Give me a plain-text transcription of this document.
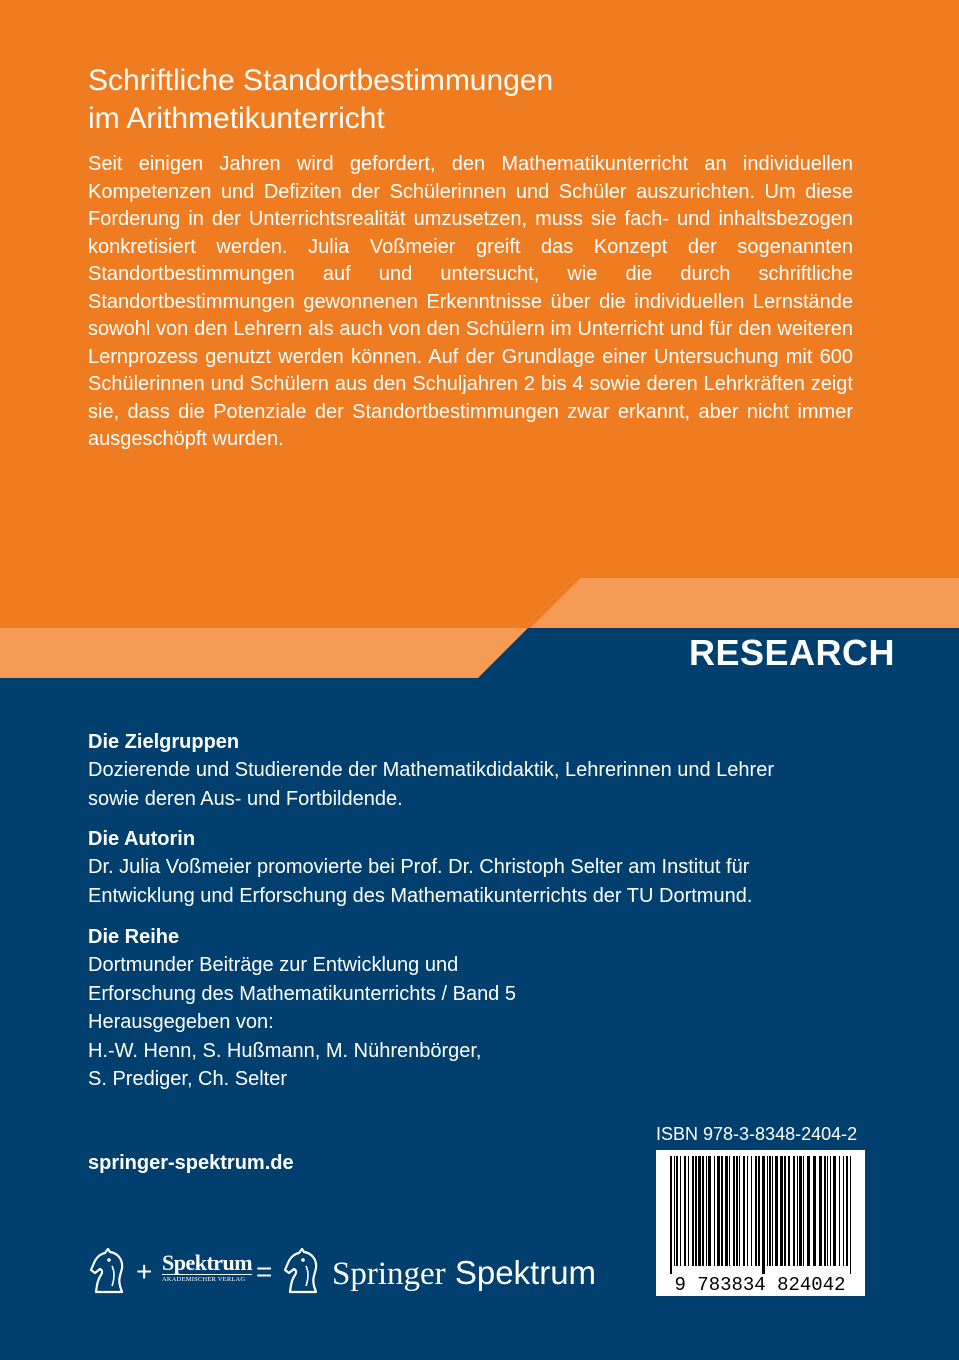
Schriftliche Standortbestimmungen
im Arithmetikunterricht

Seit einigen Jahren wird gefordert, den Mathematikunterricht an individuellen Kompetenzen und Defiziten der Schülerinnen und Schüler auszurichten. Um diese Forderung in der Unterrichtsrealität umzusetzen, muss sie fach- und inhaltsbezogen konkretisiert werden. Julia Voßmeier greift das Konzept der sogenannten Standortbestimmungen auf und untersucht, wie die durch schriftliche Standortbestimmungen gewonnenen Erkenntnisse über die individuellen Lernstände sowohl von den Lehrern als auch von den Schülern im Unterricht und für den weiteren Lernprozess genutzt werden können. Auf der Grundlage einer Untersuchung mit 600 Schülerinnen und Schülern aus den Schuljahren 2 bis 4 sowie deren Lehrkräften zeigt sie, dass die Potenziale der Standortbestimmungen zwar erkannt, aber nicht immer ausgeschöpft wurden.

RESEARCH

Die Zielgruppen

Dozierende und Studierende der Mathematikdidaktik, Lehrerinnen und Lehrer

sowie deren Aus- und Fortbildende.

Die Autorin

Dr. Julia Voßmeier promovierte bei Prof. Dr. Christoph Selter am Institut für

Entwicklung und Erforschung des Mathematikunterrichts der TU Dortmund.

Die Reihe

Dortmunder Beiträge zur Entwicklung und

Erforschung des Mathematikunterrichts / Band 5

Herausgegeben von:

H.-W. Henn, S. Hußmann, M. Nührenbörger,

S. Prediger, Ch. Selter

springer-spektrum.de

ISBN 978-3-8348-2404-2

9 783834 824042
+ Spektrum
AKADEMISCHER VERLAG = Springer Spektrum
